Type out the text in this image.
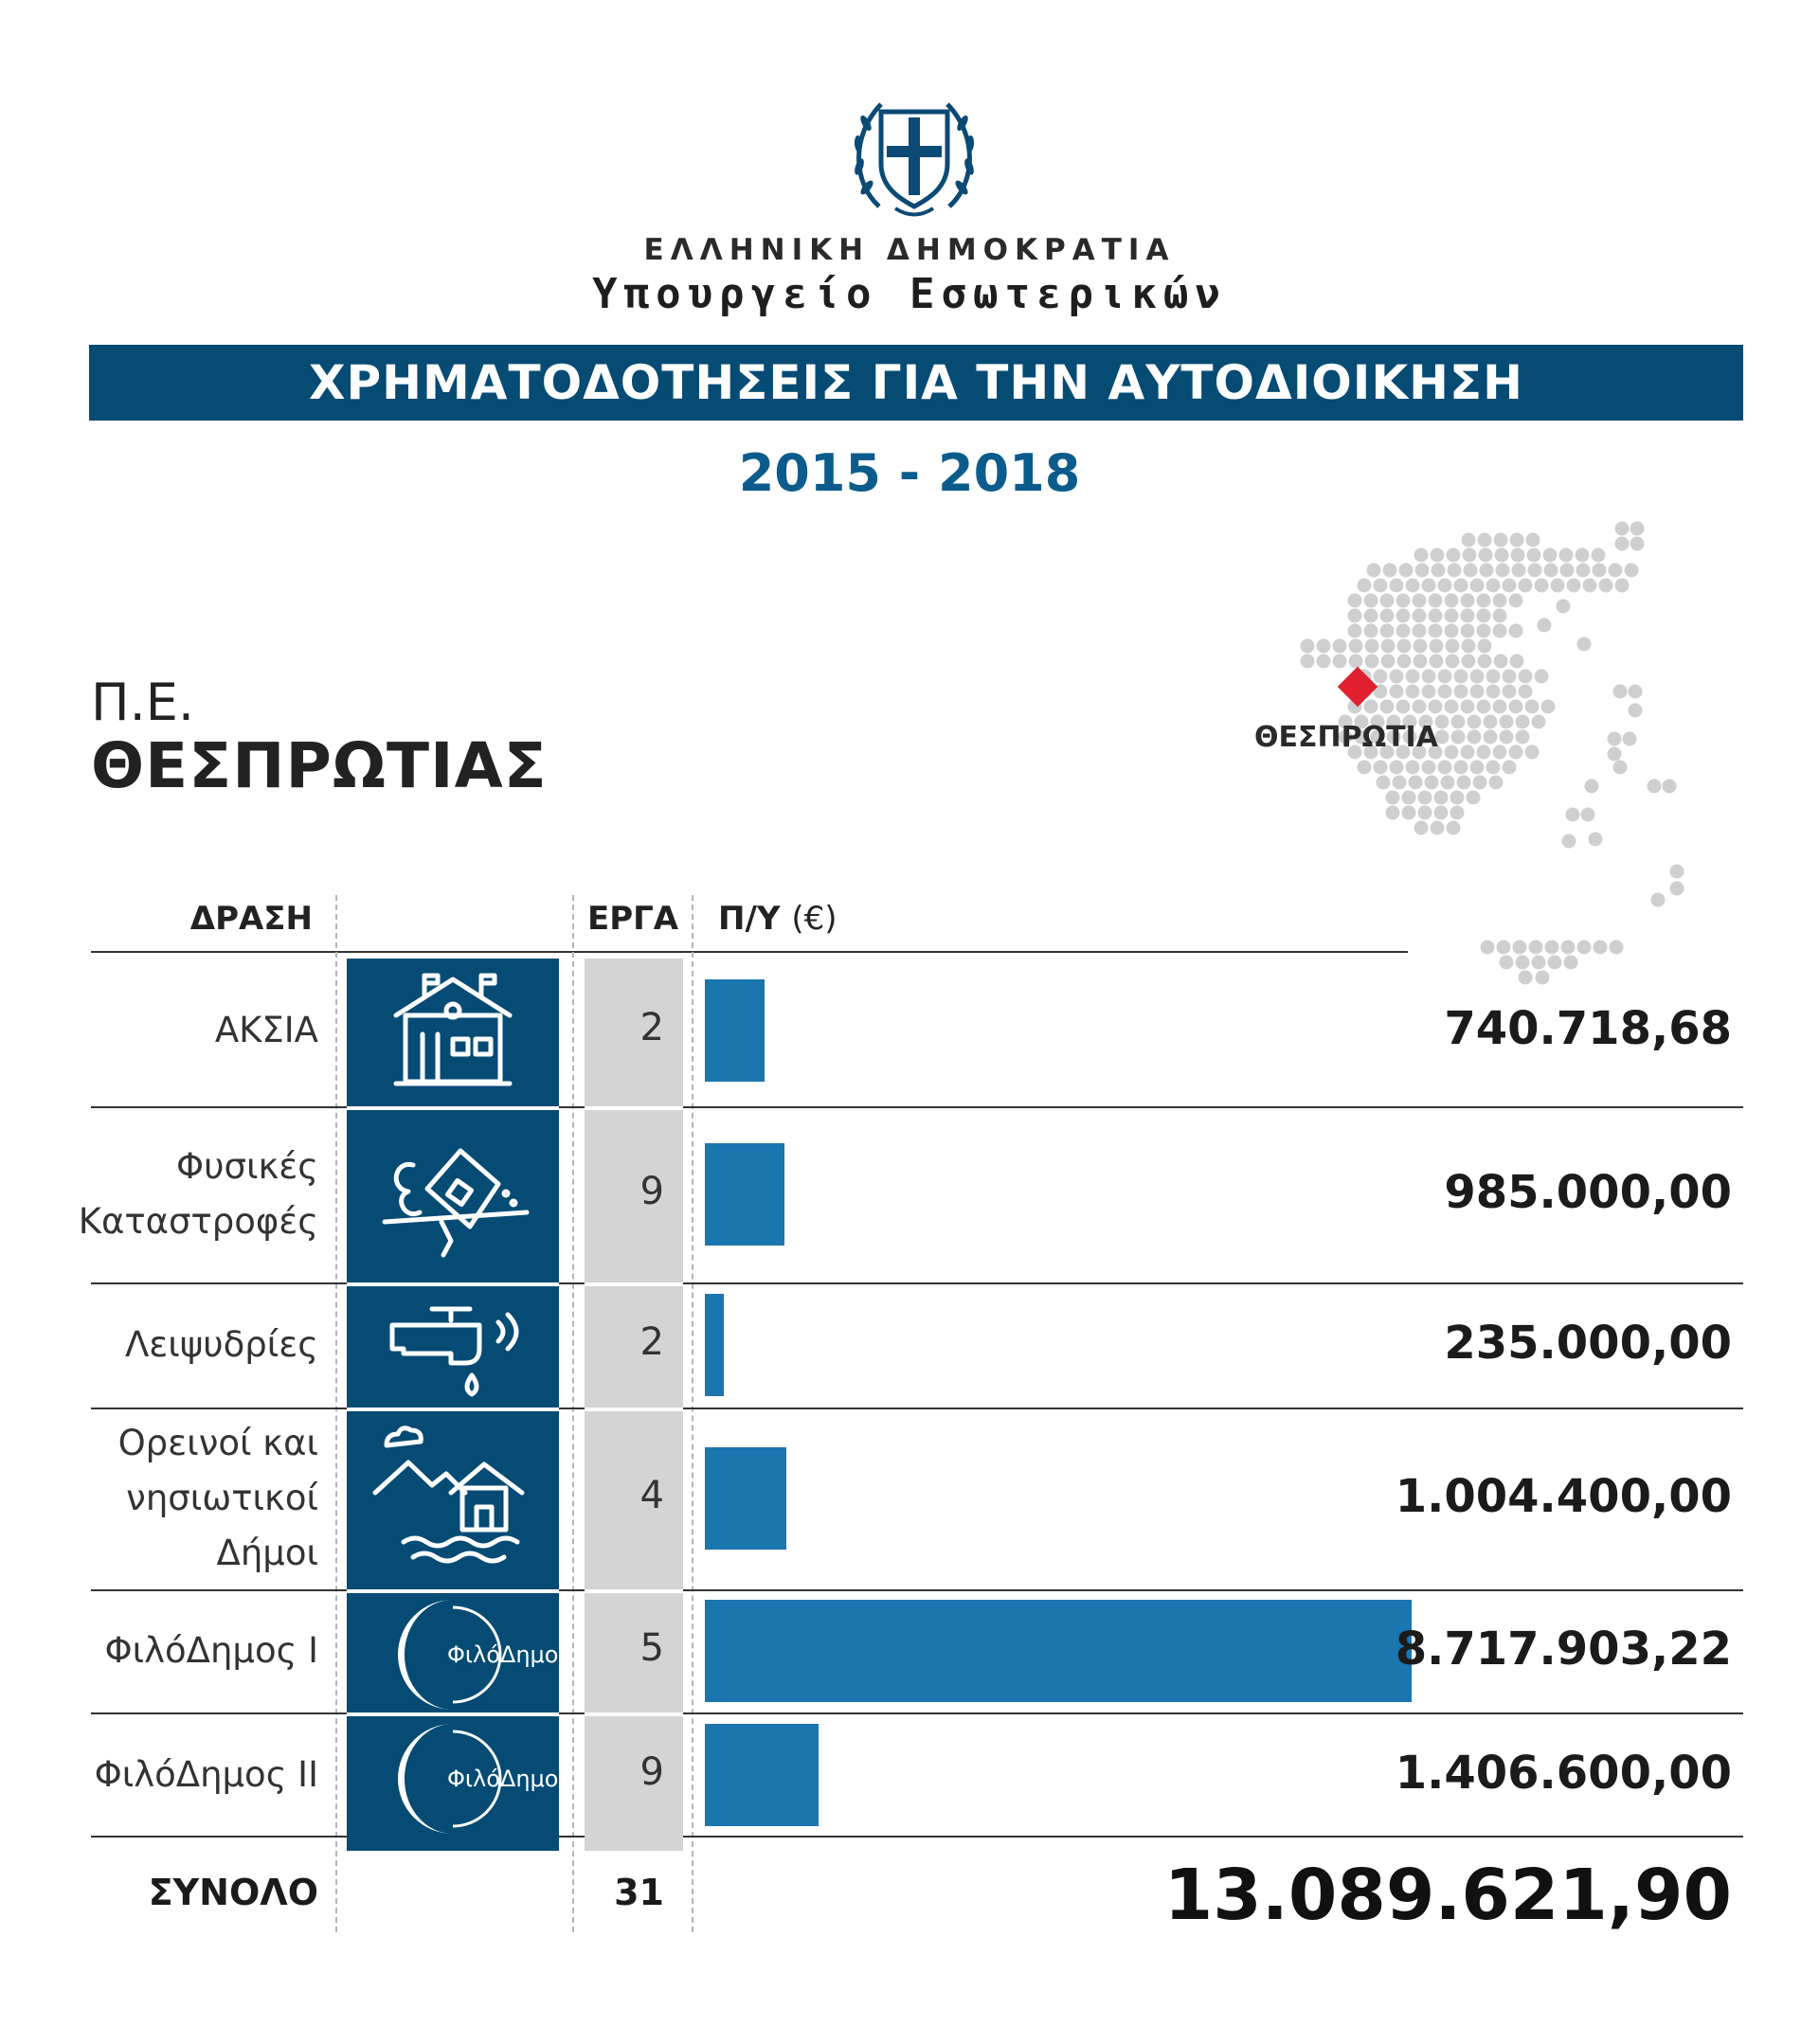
ΕΛΛΗΝΙΚΗ ΔΗΜΟΚΡΑΤΙΑ
Υπουργείο Εσωτερικών
ΧΡΗΜΑΤΟΔΟΤΗΣΕΙΣ ΓΙΑ ΤΗΝ ΑΥΤΟΔΙΟΙΚΗΣΗ
2015 - 2018
Π.Ε.
ΘΕΣΠΡΩΤΙΑΣ	ΘΕΣΠΡΩΤΙΑ
ΔΡΑΣΗ	ΕΡΓΑ Π/Υ (€)
ΑΚΣΙΑ	2	740.718,68
Φυσικές
Καταστροφές
9	985.000,00
Λειψυδρίες	2	235.000,00
Ορεινοί και
νησιωτικοί
Δήμοι
4	1.004.400,00
ΦιλόΔημος Ι	ΦιλόΔημος	5	8.717.903,22
ΦιλόΔημος ΙΙ	ΦιλόΔημος	9	1.406.600,00
ΣΥΝΟΛΟ	31	13.089.621,90
